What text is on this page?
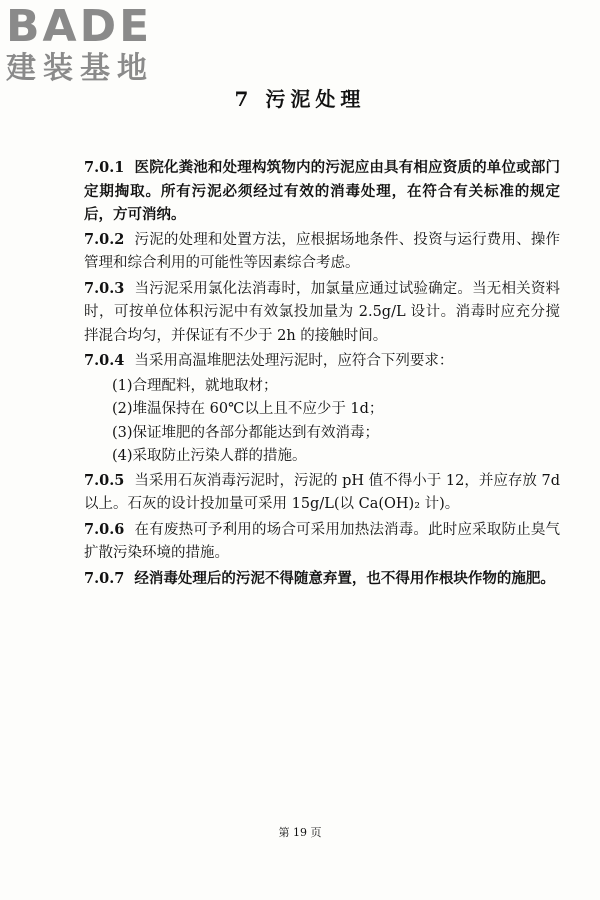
BADE
建装基地
7 污泥处理

7.0.1 医院化粪池和处理构筑物内的污泥应由具有相应资质的单位或部门定期掏取。所有污泥必须经过有效的消毒处理，在符合有关标准的规定后，方可消纳。

7.0.2 污泥的处理和处置方法，应根据场地条件、投资与运行费用、操作管理和综合利用的可能性等因素综合考虑。

7.0.3 当污泥采用氯化法消毒时，加氯量应通过试验确定。当无相关资料时，可按单位体积污泥中有效氯投加量为 2.5g/L 设计。消毒时应充分搅拌混合均匀，并保证有不少于 2h 的接触时间。

7.0.4 当采用高温堆肥法处理污泥时，应符合下列要求：

(1)合理配料，就地取材；
(2)堆温保持在 60℃以上且不应少于 1d；
(3)保证堆肥的各部分都能达到有效消毒；
(4)采取防止污染人群的措施。

7.0.5 当采用石灰消毒污泥时，污泥的 pH 值不得小于 12，并应存放 7d 以上。石灰的设计投加量可采用 15g/L(以 Ca(OH)₂ 计)。

7.0.6 在有废热可予利用的场合可采用加热法消毒。此时应采取防止臭气扩散污染环境的措施。

7.0.7 经消毒处理后的污泥不得随意弃置，也不得用作根块作物的施肥。

第 19 页
